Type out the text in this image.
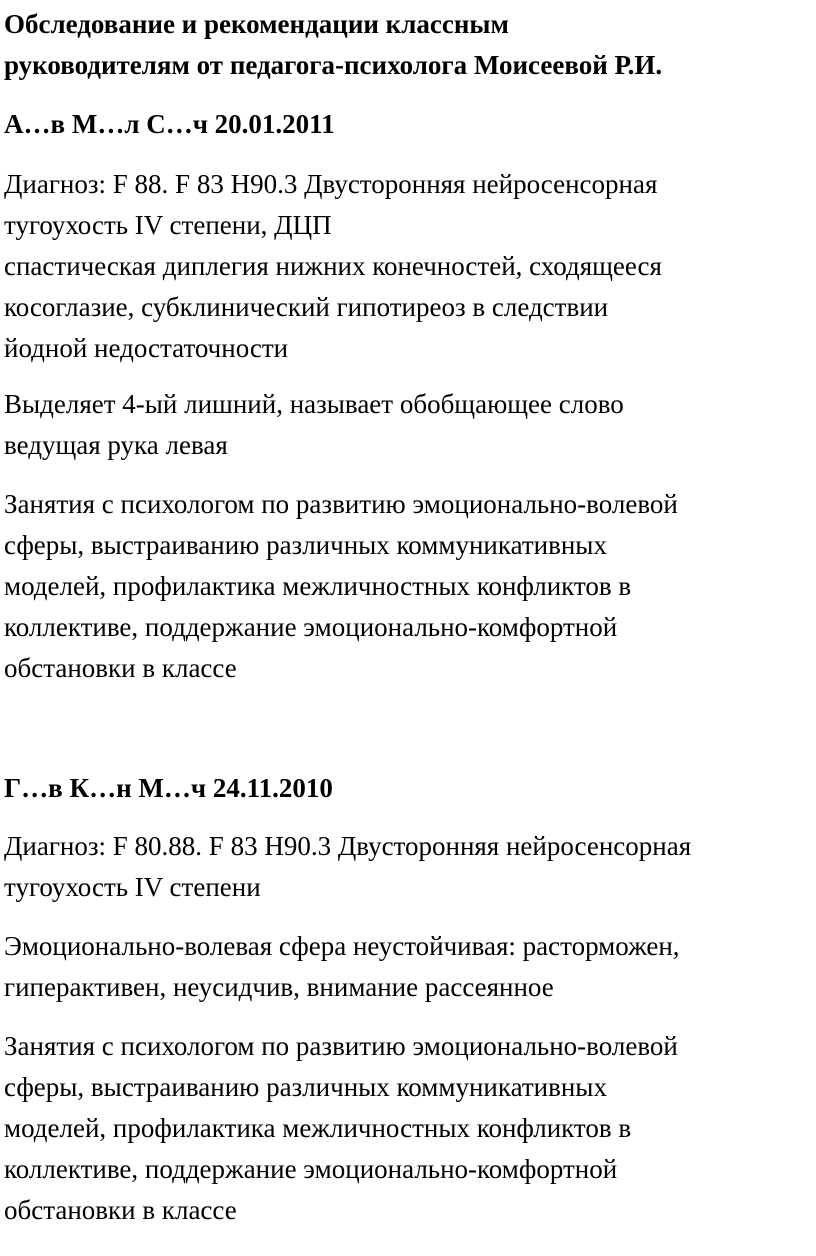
Обследование и рекомендации классным
руководителям от педагога-психолога Моисеевой Р.И.
А…в М…л С…ч 20.01.2011
Диагноз: F 88. F 83 H90.3 Двусторонняя нейросенсорная
тугоухость IV степени, ДЦП
спастическая диплегия нижних конечностей, сходящееся
косоглазие, субклинический гипотиреоз в следствии
йодной недостаточности
Выделяет 4-ый лишний, называет обобщающее слово
ведущая рука левая
Занятия с психологом по развитию эмоционально-волевой
сферы, выстраиванию различных коммуникативных
моделей, профилактика межличностных конфликтов в
коллективе, поддержание эмоционально-комфортной
обстановки в классе
Г…в К…н М…ч 24.11.2010
Диагноз: F 80.88. F 83 H90.3 Двусторонняя нейросенсорная
тугоухость IV степени
Эмоционально-волевая сфера неустойчивая: расторможен,
гиперактивен, неусидчив, внимание рассеянное
Занятия с психологом по развитию эмоционально-волевой
сферы, выстраиванию различных коммуникативных
моделей, профилактика межличностных конфликтов в
коллективе, поддержание эмоционально-комфортной
обстановки в классе
